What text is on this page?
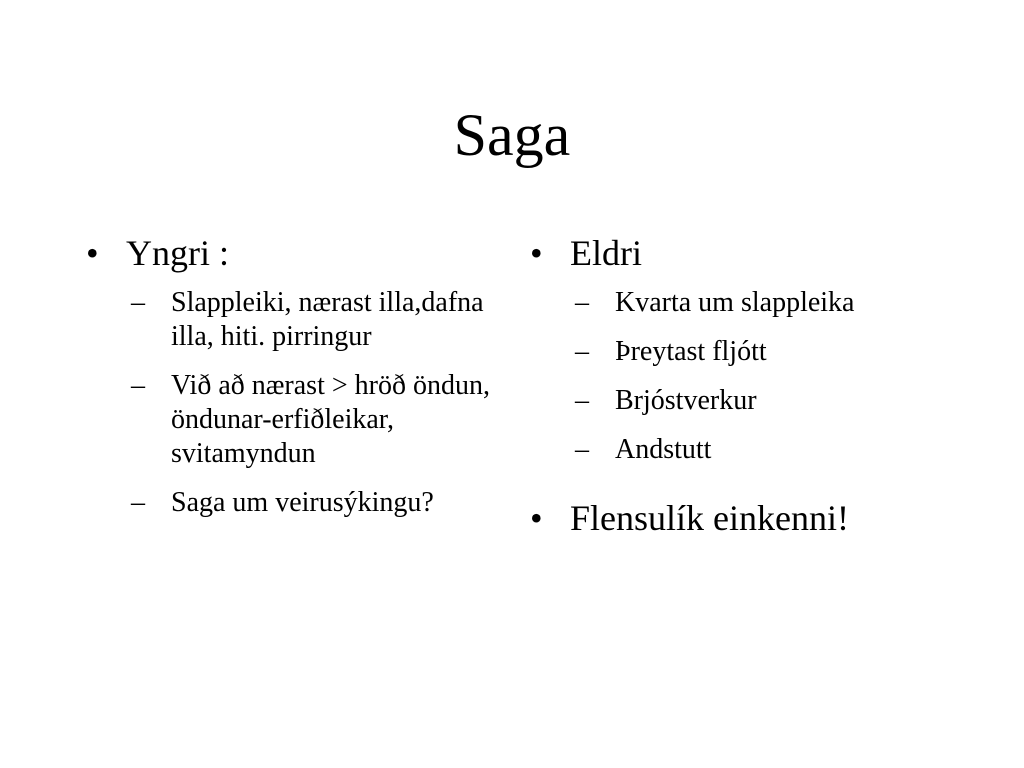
Saga
• Yngri :
– Slappleiki, nærast illa,dafna illa, hiti. pirringur
– Við að nærast > hröð öndun, öndunar-erfiðleikar, svitamyndun
– Saga um veirusýkingu?
• Eldri
– Kvarta um slappleika
– Þreytast fljótt
– Brjóstverkur
– Andstutt
• Flensulík einkenni!
